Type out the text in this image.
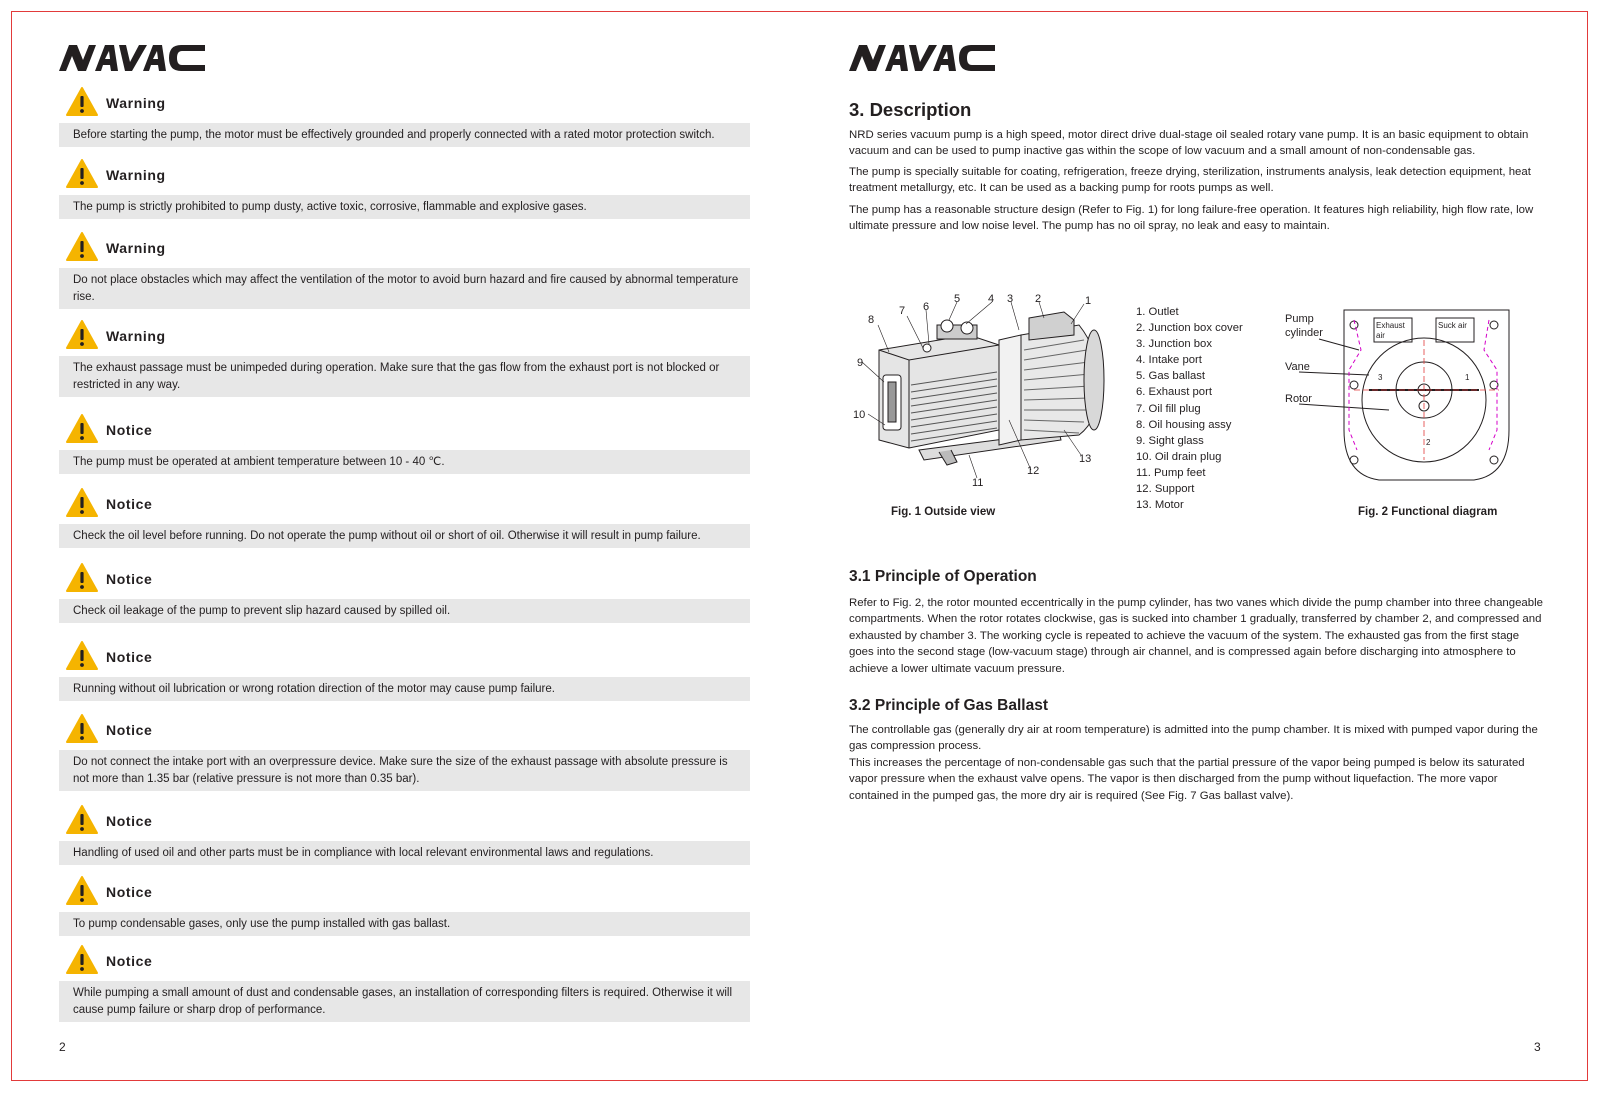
Warning
Before starting the pump, the motor must be effectively grounded and properly connected with a rated motor protection switch.
Warning
The pump is strictly prohibited to pump dusty, active toxic, corrosive, flammable and explosive gases.
Warning
Do not place obstacles which may affect the ventilation of the motor to avoid burn hazard and fire caused by abnormal temperature rise.
Warning
The exhaust passage must be unimpeded during operation. Make sure that the gas flow from the exhaust port is not blocked or restricted in any way.
Notice
The pump must be operated at ambient temperature between 10 - 40 ℃.
Notice
Check the oil level before running. Do not operate the pump without oil or short of oil. Otherwise it will result in pump failure.
Notice
Check oil leakage of the pump to prevent slip hazard caused by spilled oil.
Notice
Running without oil lubrication or wrong rotation direction of the motor may cause pump failure.
Notice
Do not connect the intake port with an overpressure device. Make sure the size of the exhaust passage with absolute pressure is not more than 1.35 bar (relative pressure is not more than 0.35 bar).
Notice
Handling of used oil and other parts must be in compliance with local relevant environmental laws and regulations.
Notice
To pump condensable gases, only use the pump installed with gas ballast.
Notice
While pumping a small amount of dust and condensable gases, an installation of corresponding filters is required. Otherwise it will cause pump failure or sharp drop of performance.
2
3. Description
NRD series vacuum pump is a high speed, motor direct drive dual-stage oil sealed rotary vane pump. It is an basic equipment to obtain vacuum and can be used to pump inactive gas within the scope of low vacuum and a small amount of non-condensable gas.
The pump is specially suitable for coating, refrigeration, freeze drying, sterilization, instruments analysis, leak detection equipment, heat treatment metallurgy, etc. It can be used as a backing pump for roots pumps as well.
The pump has a reasonable structure design (Refer to Fig. 1) for long failure-free operation. It features high reliability, high flow rate, low ultimate pressure and low noise level. The pump has no oil spray, no leak and easy to maintain.
1
2
3
4
5
6
7
8
9
10
11
12
13
Fig. 1 Outside view
1. Outlet
2. Junction box cover
3. Junction box
4. Intake port
5. Gas ballast
6. Exhaust port
7. Oil fill plug
8. Oil housing assy
9. Sight glass
10. Oil drain plug
11. Pump feet
12. Support
13. Motor
Pump
cylinder
Vane
Rotor
Exhaust
air
Suck air
1
2
3
Fig. 2 Functional diagram
3.1 Principle of Operation
Refer to Fig. 2, the rotor mounted eccentrically in the pump cylinder, has two vanes which divide the pump chamber into three changeable compartments. When the rotor rotates clockwise, gas is sucked into chamber 1 gradually, transferred by chamber 2, and compressed and exhausted by chamber 3. The working cycle is repeated to achieve the vacuum of the system. The exhausted gas from the first stage goes into the second stage (low-vacuum stage) through air channel, and is compressed again before discharging into atmosphere to achieve a lower ultimate vacuum pressure.
3.2 Principle of Gas Ballast
The controllable gas (generally dry air at room temperature) is admitted into the pump chamber. It is mixed with pumped vapor during the gas compression process.
This increases the percentage of non-condensable gas such that the partial pressure of the vapor being pumped is below its saturated vapor pressure when the exhaust valve opens. The vapor is then discharged from the pump without liquefaction. The more vapor contained in the pumped gas, the more dry air is required (See Fig. 7 Gas ballast valve).
3
